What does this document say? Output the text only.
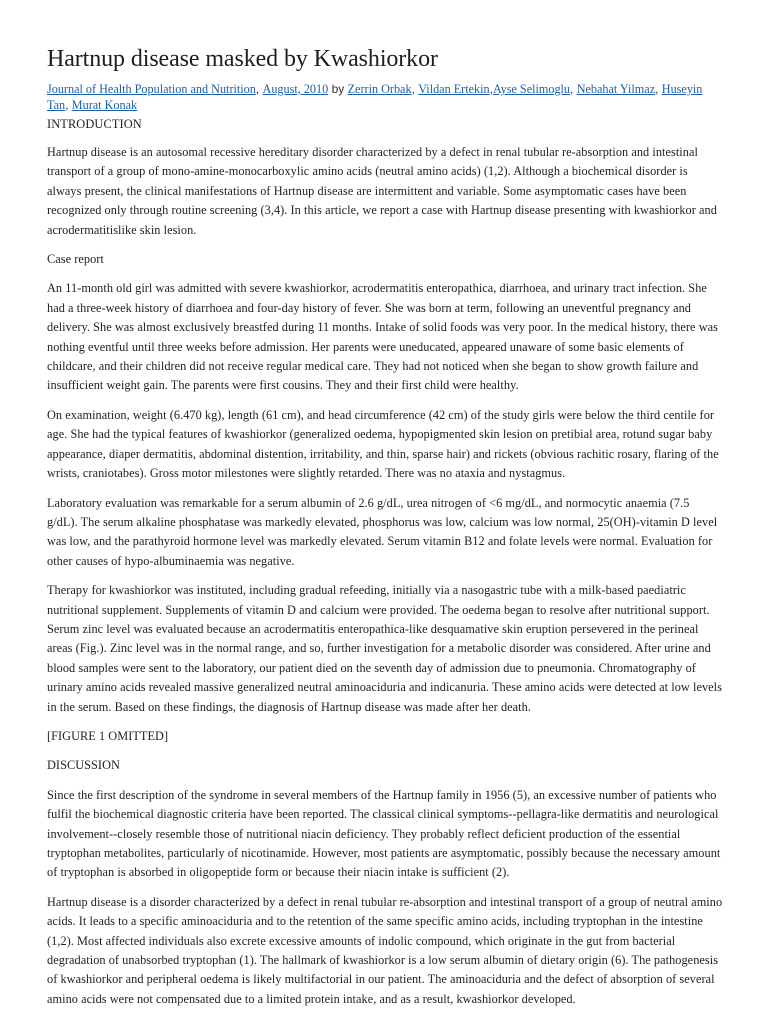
Hartnup disease masked by Kwashiorkor
Journal of Health Population and Nutrition, August, 2010 by Zerrin Orbak, Vildan Ertekin,Ayse Selimoglu, Nebahat Yilmaz, Huseyin Tan, Murat Konak
INTRODUCTION

Hartnup disease is an autosomal recessive hereditary disorder characterized by a defect in renal tubular re-absorption and intestinal transport of a group of mono-amine-monocarboxylic amino acids (neutral amino acids) (1,2). Although a biochemical disorder is always present, the clinical manifestations of Hartnup disease are intermittent and variable. Some asymptomatic cases have been recognized only through routine screening (3,4). In this article, we report a case with Hartnup disease presenting with kwashiorkor and acrodermatitislike skin lesion.

Case report

An 11-month old girl was admitted with severe kwashiorkor, acrodermatitis enteropathica, diarrhoea, and urinary tract infection. She had a three-week history of diarrhoea and four-day history of fever. She was born at term, following an uneventful pregnancy and delivery. She was almost exclusively breastfed during 11 months. Intake of solid foods was very poor. In the medical history, there was nothing eventful until three weeks before admission. Her parents were uneducated, appeared unaware of some basic elements of childcare, and their children did not receive regular medical care. They had not noticed when she began to show growth failure and insufficient weight gain. The parents were first cousins. They and their first child were healthy.

On examination, weight (6.470 kg), length (61 cm), and head circumference (42 cm) of the study girls were below the third centile for age. She had the typical features of kwashiorkor (generalized oedema, hypopigmented skin lesion on pretibial area, rotund sugar baby appearance, diaper dermatitis, abdominal distention, irritability, and thin, sparse hair) and rickets (obvious rachitic rosary, flaring of the wrists, craniotabes). Gross motor milestones were slightly retarded. There was no ataxia and nystagmus.

Laboratory evaluation was remarkable for a serum albumin of 2.6 g/dL, urea nitrogen of <6 mg/dL, and normocytic anaemia (7.5 g/dL). The serum alkaline phosphatase was markedly elevated, phosphorus was low, calcium was low normal, 25(OH)-vitamin D level was low, and the parathyroid hormone level was markedly elevated. Serum vitamin B12 and folate levels were normal. Evaluation for other causes of hypo-albuminaemia was negative.

Therapy for kwashiorkor was instituted, including gradual refeeding, initially via a nasogastric tube with a milk-based paediatric nutritional supplement. Supplements of vitamin D and calcium were provided. The oedema began to resolve after nutritional support. Serum zinc level was evaluated because an acrodermatitis enteropathica-like desquamative skin eruption persevered in the perineal areas (Fig.). Zinc level was in the normal range, and so, further investigation for a metabolic disorder was considered. After urine and blood samples were sent to the laboratory, our patient died on the seventh day of admission due to pneumonia. Chromatography of urinary amino acids revealed massive generalized neutral aminoaciduria and indicanuria. These amino acids were detected at low levels in the serum. Based on these findings, the diagnosis of Hartnup disease was made after her death.

[FIGURE 1 OMITTED]

DISCUSSION

Since the first description of the syndrome in several members of the Hartnup family in 1956 (5), an excessive number of patients who fulfil the biochemical diagnostic criteria have been reported. The classical clinical symptoms--pellagra-like dermatitis and neurological involvement--closely resemble those of nutritional niacin deficiency. They probably reflect deficient production of the essential tryptophan metabolites, particularly of nicotinamide. However, most patients are asymptomatic, possibly because the necessary amount of tryptophan is absorbed in oligopeptide form or because their niacin intake is sufficient (2).

Hartnup disease is a disorder characterized by a defect in renal tubular re-absorption and intestinal transport of a group of neutral amino acids. It leads to a specific aminoaciduria and to the retention of the same specific amino acids, including tryptophan in the intestine (1,2). Most affected individuals also excrete excessive amounts of indolic compound, which originate in the gut from bacterial degradation of unabsorbed tryptophan (1). The hallmark of kwashiorkor is a low serum albumin of dietary origin (6). The pathogenesis of kwashiorkor and peripheral oedema is likely multifactorial in our patient. The aminoaciduria and the defect of absorption of several amino acids were not compensated due to a limited protein intake, and as a result, kwashiorkor developed.
